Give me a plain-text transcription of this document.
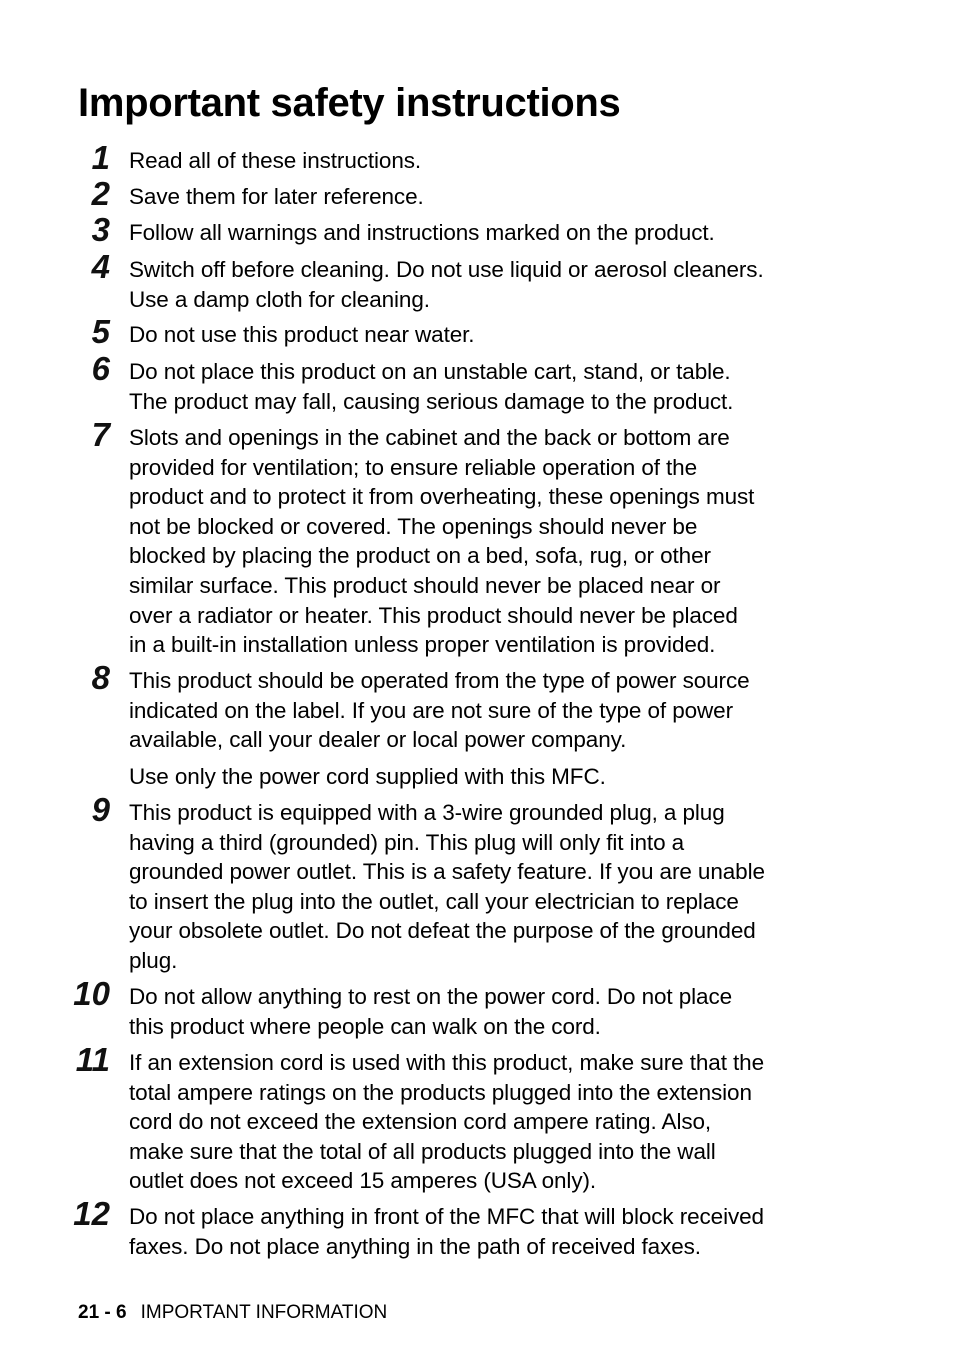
Important safety instructions
1 Read all of these instructions.
2 Save them for later reference.
3 Follow all warnings and instructions marked on the product.
4 Switch off before cleaning. Do not use liquid or aerosol cleaners.
Use a damp cloth for cleaning.
5 Do not use this product near water.
6 Do not place this product on an unstable cart, stand, or table.
The product may fall, causing serious damage to the product.
7 Slots and openings in the cabinet and the back or bottom are
provided for ventilation; to ensure reliable operation of the
product and to protect it from overheating, these openings must
not be blocked or covered. The openings should never be
blocked by placing the product on a bed, sofa, rug, or other
similar surface. This product should never be placed near or
over a radiator or heater. This product should never be placed
in a built-in installation unless proper ventilation is provided.
8 This product should be operated from the type of power source
indicated on the label. If you are not sure of the type of power
available, call your dealer or local power company.
Use only the power cord supplied with this MFC.
9 This product is equipped with a 3-wire grounded plug, a plug
having a third (grounded) pin. This plug will only fit into a
grounded power outlet. This is a safety feature. If you are unable
to insert the plug into the outlet, call your electrician to replace
your obsolete outlet. Do not defeat the purpose of the grounded
plug.
10 Do not allow anything to rest on the power cord. Do not place
this product where people can walk on the cord.
11 If an extension cord is used with this product, make sure that the
total ampere ratings on the products plugged into the extension
cord do not exceed the extension cord ampere rating. Also,
make sure that the total of all products plugged into the wall
outlet does not exceed 15 amperes (USA only).
12 Do not place anything in front of the MFC that will block received
faxes. Do not place anything in the path of received faxes.
21 - 6 IMPORTANT INFORMATION
